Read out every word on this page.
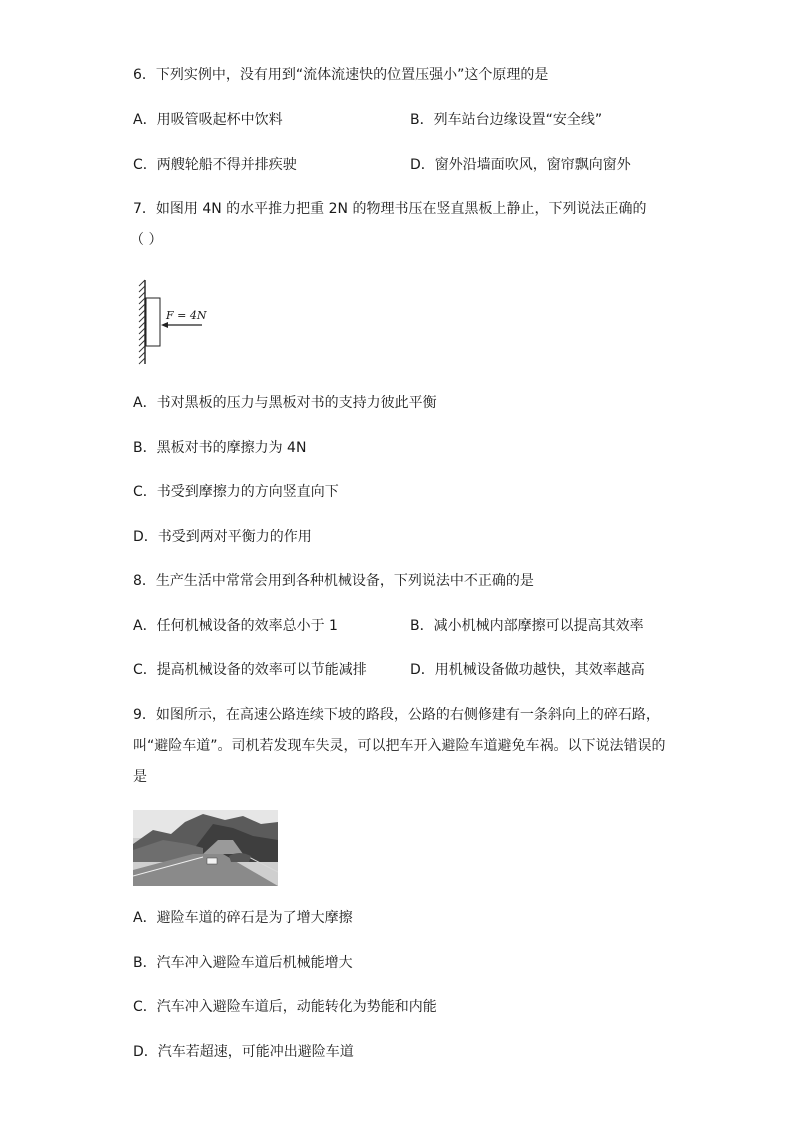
6．下列实例中，没有用到“流体流速快的位置压强小”这个原理的是
A．用吸管吸起杯中饮料	B．列车站台边缘设置“安全线”
C．两艘轮船不得并排疾驶	D．窗外沿墙面吹风，窗帘飘向窗外
7．如图用 4N 的水平推力把重 2N 的物理书压在竖直黑板上静止，下列说法正确的
（ ）
F = 4N
A．书对黑板的压力与黑板对书的支持力彼此平衡
B．黑板对书的摩擦力为 4N
C．书受到摩擦力的方向竖直向下
D．书受到两对平衡力的作用
8．生产生活中常常会用到各种机械设备，下列说法中不正确的是
A．任何机械设备的效率总小于 1	B．减小机械内部摩擦可以提高其效率
C．提高机械设备的效率可以节能减排	D．用机械设备做功越快，其效率越高
9．如图所示，在高速公路连续下坡的路段，公路的右侧修建有一条斜向上的碎石路，
叫“避险车道”。司机若发现车失灵，可以把车开入避险车道避免车祸。以下说法错误的
是
A．避险车道的碎石是为了增大摩擦
B．汽车冲入避险车道后机械能增大
C．汽车冲入避险车道后，动能转化为势能和内能
D．汽车若超速，可能冲出避险车道
